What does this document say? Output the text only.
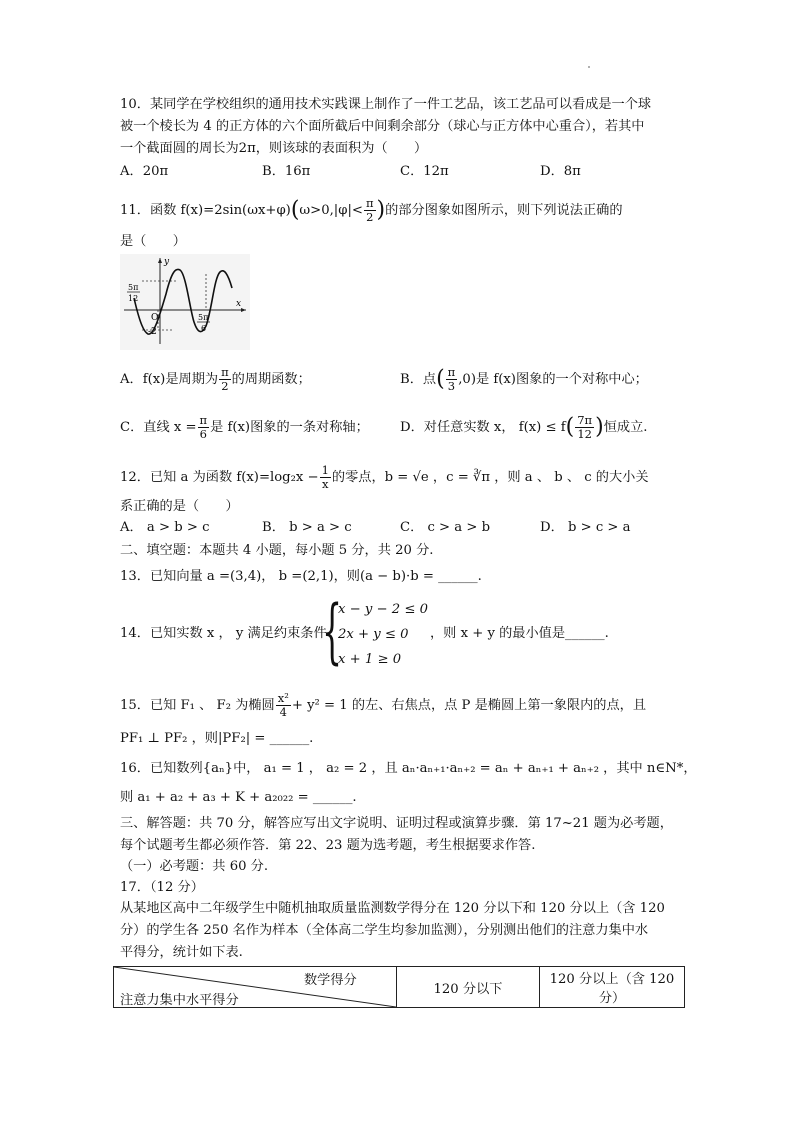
10．某同学在学校组织的通用技术实践课上制作了一件工艺品，该工艺品可以看成是一个球
被一个棱长为 4 的正方体的六个面所截后中间剩余部分（球心与正方体中心重合），若其中
一个截面圆的周长为2π，则该球的表面积为（　　）
A．20π	B．16π	C．12π	D．8π
11．函数 $f(x)=2\sin(\omega x+\varphi)(\omega>0,|\varphi|< \frac{\pi}{2}$ )的部分图象如图所示，则下列说法正确的
是（　　）
y
x
O
5π
12
5π
6
-2
A．f(x)是周期为 $\frac{\pi}{2}$ 的周期函数；	B．点( $\frac{\pi}{3} ,0$)是 f(x)图象的一个对称中心；
C．直线 $x = \frac{\pi}{6}$ 是 f(x)图象的一条对称轴； D．对任意实数 x， $f(x) \le f( \frac{7\pi}{12}$ )恒成立.
12．已知 a 为函数 $f(x)=\log_2x - \frac{1}{x}$ 的零点，b = √e ，c = ∛π ，则 a 、 b 、 c 的大小关
系正确的是（　　）
A． a > b > c	B． b > a > c	C． c > a > b	D． b > c > a
二、填空题：本题共 4 小题，每小题 5 分，共 20 分.
13．已知向量 a =(3,4)， b =(2,1)，则(a − b)·b = ______.
14．已知实数 x ， y 满足约束条件
{
x − y − 2 ≤ 0
2x + y ≤ 0
x + 1 ≥ 0
，则 x + y 的最小值是______.
15．已知 F₁ 、 F₂ 为椭圆 $\frac{\text{x²}}{4} + y^2 = 1$ 的左、右焦点，点 P 是椭圆上第一象限内的点，且
PF₁ ⊥ PF₂ ，则|PF₂| = ______.
16．已知数列{aₙ}中， a₁ = 1 ， a₂ = 2 ，且 aₙ·aₙ₊₁·aₙ₊₂ = aₙ + aₙ₊₁ + aₙ₊₂ ，其中 n∈N*，
则 a₁ + a₂ + a₃ + K + a₂₀₂₂ = ______.
三、解答题：共 70 分，解答应写出文字说明、证明过程或演算步骤．第 17~21 题为必考题，
每个试题考生都必须作答．第 22、23 题为选考题，考生根据要求作答.
（一）必考题：共 60 分.
17．（12 分）
从某地区高中二年级学生中随机抽取质量监测数学得分在 120 分以下和 120 分以上（含 120
分）的学生各 250 名作为样本（全体高二学生均参加监测），分别测出他们的注意力集中水
平得分，统计如下表.
数学得分
注意力集中水平得分
	120 分以下	120 分以上（含 120 分）
